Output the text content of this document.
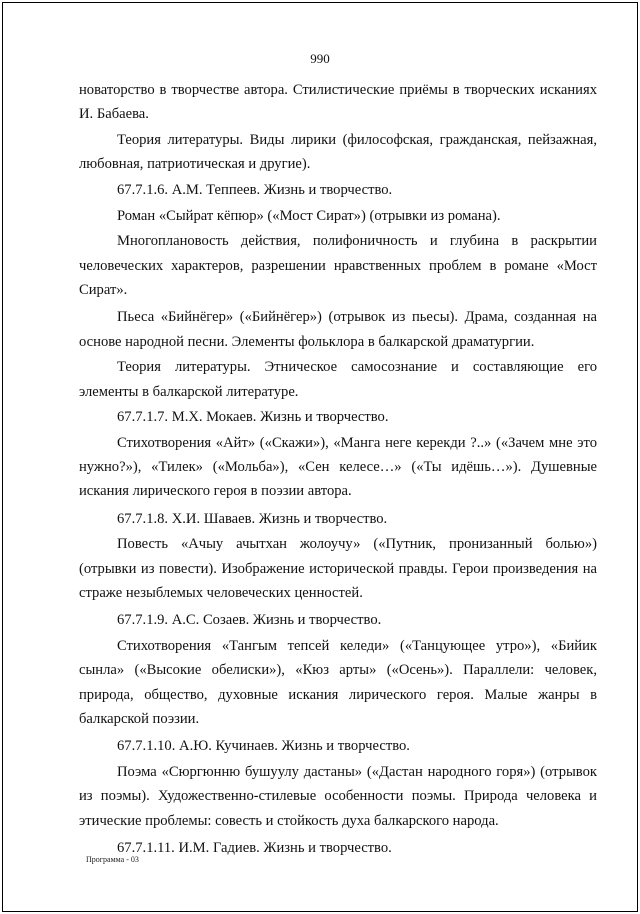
990

новаторство в творчестве автора. Стилистические приёмы в творческих исканиях И. Бабаева.

Теория литературы. Виды лирики (философская, гражданская, пейзажная, любовная, патриотическая и другие).

67.7.1.6. А.М. Теппеев. Жизнь и творчество.

Роман «Сыйрат кёпюр» («Мост Сират») (отрывки из романа).

Многоплановость действия, полифоничность и глубина в раскрытии человеческих характеров, разрешении нравственных проблем в романе «Мост Сират».

Пьеса «Бийнёгер» («Бийнёгер») (отрывок из пьесы). Драма, созданная на основе народной песни. Элементы фольклора в балкарской драматургии.

Теория литературы. Этническое самосознание и составляющие его элементы в балкарской литературе.

67.7.1.7. М.Х. Мокаев. Жизнь и творчество.

Стихотворения «Айт» («Скажи»), «Манга неге керекди ?..» («Зачем мне это нужно?»), «Тилек» («Мольба»), «Сен келесе…» («Ты идёшь…»). Душевные искания лирического героя в поэзии автора.

67.7.1.8. Х.И. Шаваев. Жизнь и творчество.

Повесть «Ачыу ачытхан жолоучу» («Путник, пронизанный болью») (отрывки из повести). Изображение исторической правды. Герои произведения на страже незыблемых человеческих ценностей.

67.7.1.9. А.С. Созаев. Жизнь и творчество.

Стихотворения «Тангым тепсей келеди» («Танцующее утро»), «Бийик сынла» («Высокие обелиски»), «Кюз арты» («Осень»). Параллели: человек, природа, общество, духовные искания лирического героя. Малые жанры в балкарской поэзии.

67.7.1.10. А.Ю. Кучинаев. Жизнь и творчество.

Поэма «Сюргюнню бушуулу дастаны» («Дастан народного горя») (отрывок из поэмы). Художественно-стилевые особенности поэмы. Природа человека и этические проблемы: совесть и стойкость духа балкарского народа.

67.7.1.11. И.М. Гадиев. Жизнь и творчество.

Программа - 03
